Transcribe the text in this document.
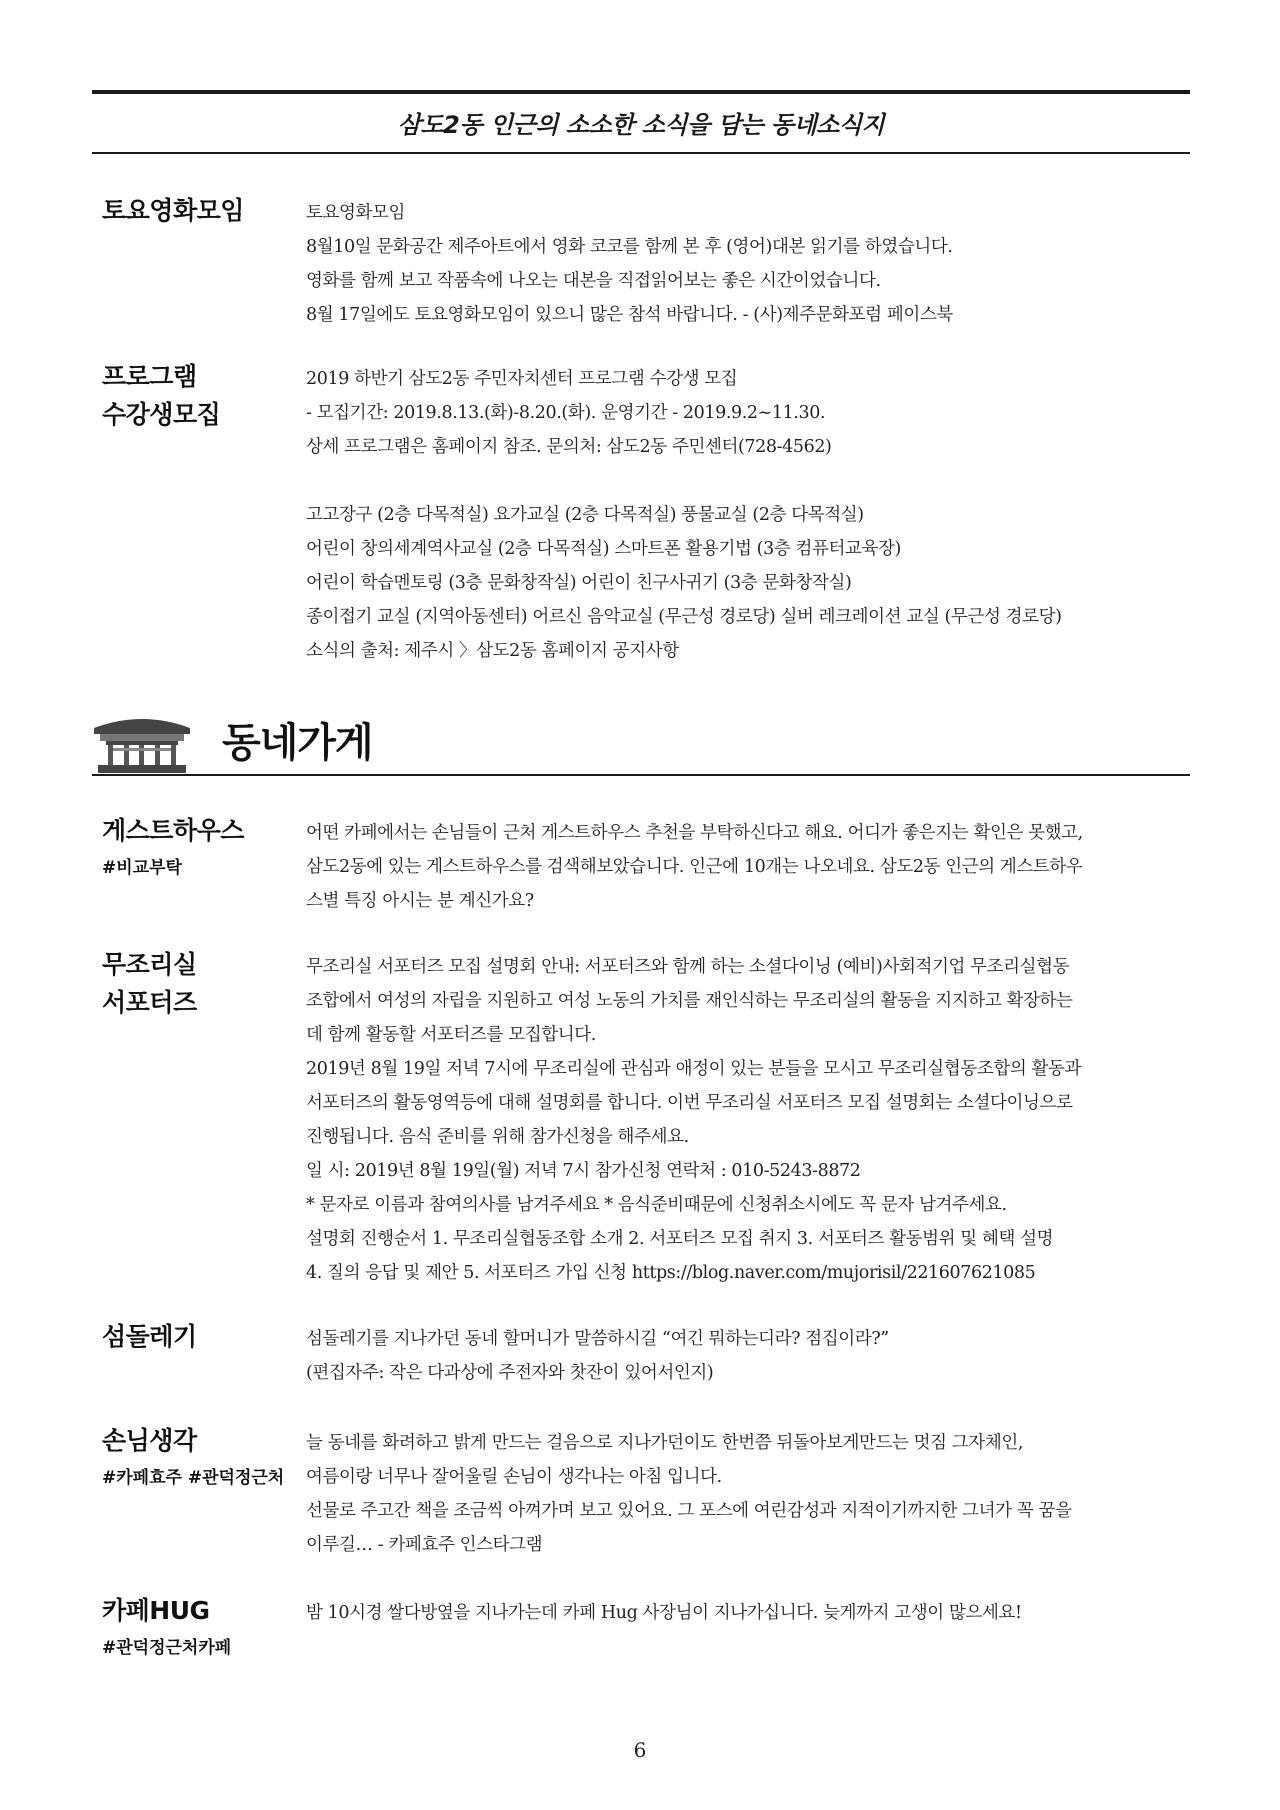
삼도2동 인근의 소소한 소식을 담는 동네소식지
토요영화모임	토요영화모임
8월10일 문화공간 제주아트에서 영화 코코를 함께 본 후 (영어)대본 읽기를 하였습니다.
영화를 함께 보고 작품속에 나오는 대본을 직접읽어보는 좋은 시간이었습니다.
8월 17일에도 토요영화모임이 있으니 많은 참석 바랍니다. - (사)제주문화포럼 페이스북
프로그램
수강생모집
2019 하반기 삼도2동 주민자치센터 프로그램 수강생 모집
- 모집기간: 2019.8.13.(화)-8.20.(화). 운영기간 - 2019.9.2~11.30.
상세 프로그램은 홈페이지 참조. 문의처: 삼도2동 주민센터(728-4562)
고고장구 (2층 다목적실) 요가교실 (2층 다목적실) 풍물교실 (2층 다목적실)
어린이 창의세계역사교실 (2층 다목적실) 스마트폰 활용기법 (3층 컴퓨터교육장)
어린이 학습멘토링 (3층 문화창작실) 어린이 친구사귀기 (3층 문화창작실)
종이접기 교실 (지역아동센터) 어르신 음악교실 (무근성 경로당) 실버 레크레이션 교실 (무근성 경로당)
소식의 출처: 제주시 〉삼도2동 홈페이지 공지사항
동네가게
게스트하우스
#비교부탁
어떤 카페에서는 손님들이 근처 게스트하우스 추천을 부탁하신다고 해요. 어디가 좋은지는 확인은 못했고,
삼도2동에 있는 게스트하우스를 검색해보았습니다. 인근에 10개는 나오네요. 삼도2동 인근의 게스트하우
스별 특징 아시는 분 계신가요?
무조리실
서포터즈
무조리실 서포터즈 모집 설명회 안내: 서포터즈와 함께 하는 소셜다이닝 (예비)사회적기업 무조리실협동
조합에서 여성의 자립을 지원하고 여성 노동의 가치를 재인식하는 무조리실의 활동을 지지하고 확장하는
데 함께 활동할 서포터즈를 모집합니다.
2019년 8월 19일 저녁 7시에 무조리실에 관심과 애정이 있는 분들을 모시고 무조리실협동조합의 활동과
서포터즈의 활동영역등에 대해 설명회를 합니다. 이번 무조리실 서포터즈 모집 설명회는 소셜다이닝으로
진행됩니다. 음식 준비를 위해 참가신청을 해주세요.
일 시: 2019년 8월 19일(월) 저녁 7시 참가신청 연락처 : 010-5243-8872
* 문자로 이름과 참여의사를 남겨주세요 * 음식준비때문에 신청취소시에도 꼭 문자 남겨주세요.
설명회 진행순서 1. 무조리실협동조합 소개 2. 서포터즈 모집 취지 3. 서포터즈 활동범위 및 혜택 설명
4. 질의 응답 및 제안 5. 서포터즈 가입 신청 https://blog.naver.com/mujorisil/221607621085
섬돌레기	섬돌레기를 지나가던 동네 할머니가 말씀하시길 “여긴 뭐하는디라? 점집이라?”
(편집자주: 작은 다과상에 주전자와 찻잔이 있어서인지)
손님생각
#카페효주 #관덕정근처
늘 동네를 화려하고 밝게 만드는 걸음으로 지나가던이도 한번쯤 뒤돌아보게만드는 멋짐 그자체인,
여름이랑 너무나 잘어울릴 손님이 생각나는 아침 입니다.
선물로 주고간 책을 조금씩 아껴가며 보고 있어요. 그 포스에 여린감성과 지적이기까지한 그녀가 꼭 꿈을
이루길… - 카페효주 인스타그램
카페HUG
#관덕정근처카페
밤 10시경 쌀다방옆을 지나가는데 카페 Hug 사장님이 지나가십니다. 늦게까지 고생이 많으세요!
6
